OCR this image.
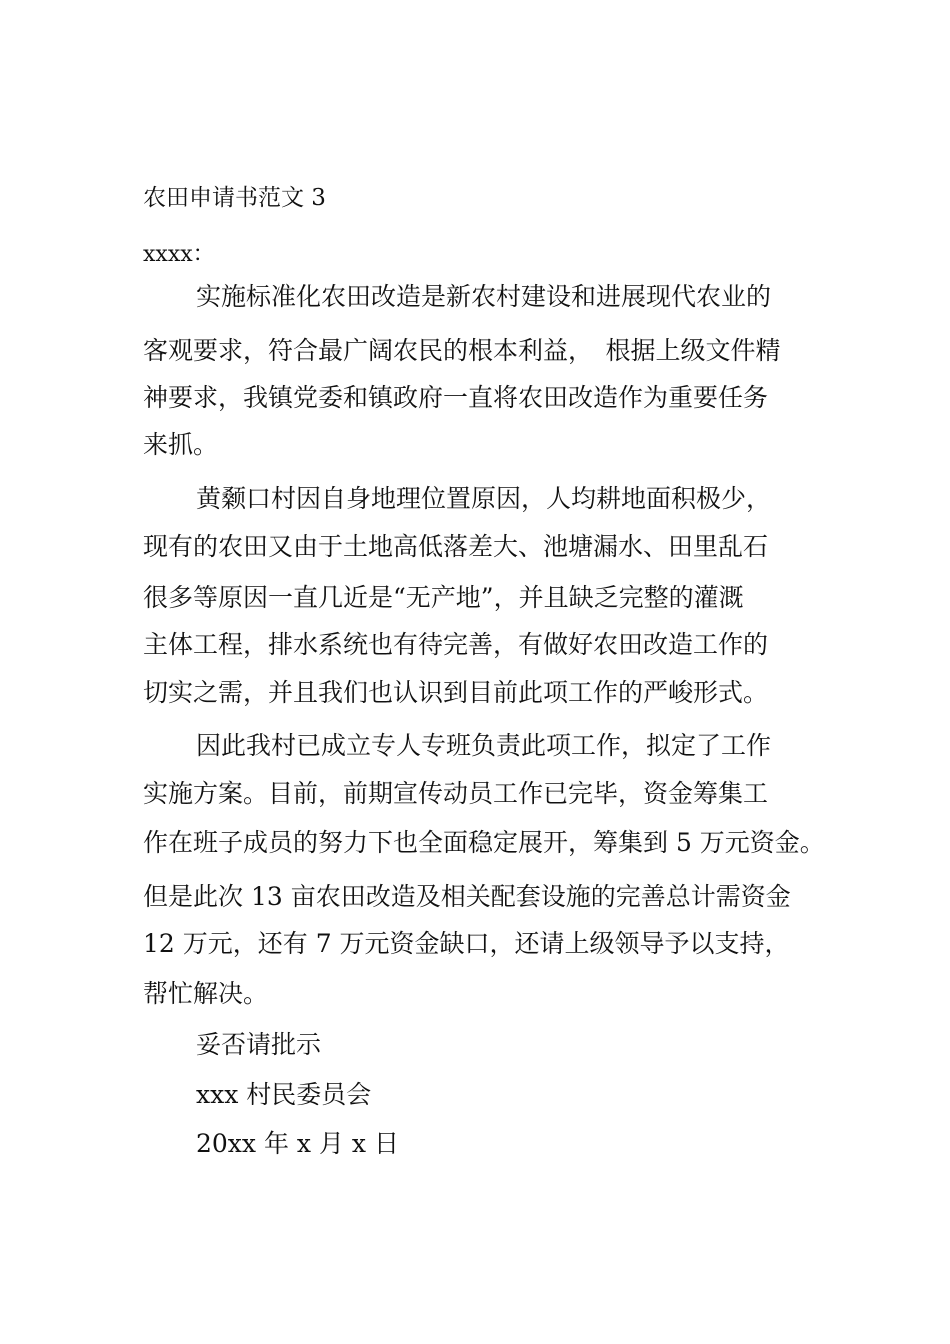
农田申请书范文 3

xxxx：

实施标准化农田改造是新农村建设和进展现代农业的

客观要求，符合最广阔农民的根本利益，　根据上级文件精

神要求，我镇党委和镇政府一直将农田改造作为重要任务

来抓。

黄颡口村因自身地理位置原因，人均耕地面积极少，

现有的农田又由于土地高低落差大、池塘漏水、田里乱石

很多等原因一直几近是“无产地”，并且缺乏完整的灌溉

主体工程，排水系统也有待完善，有做好农田改造工作的

切实之需，并且我们也认识到目前此项工作的严峻形式。

因此我村已成立专人专班负责此项工作，拟定了工作

实施方案。目前，前期宣传动员工作已完毕，资金筹集工

作在班子成员的努力下也全面稳定展开，筹集到 5 万元资金。

但是此次 13 亩农田改造及相关配套设施的完善总计需资金

12 万元，还有 7 万元资金缺口，还请上级领导予以支持，

帮忙解决。

妥否请批示

xxx 村民委员会

20xx 年 x 月 x 日
